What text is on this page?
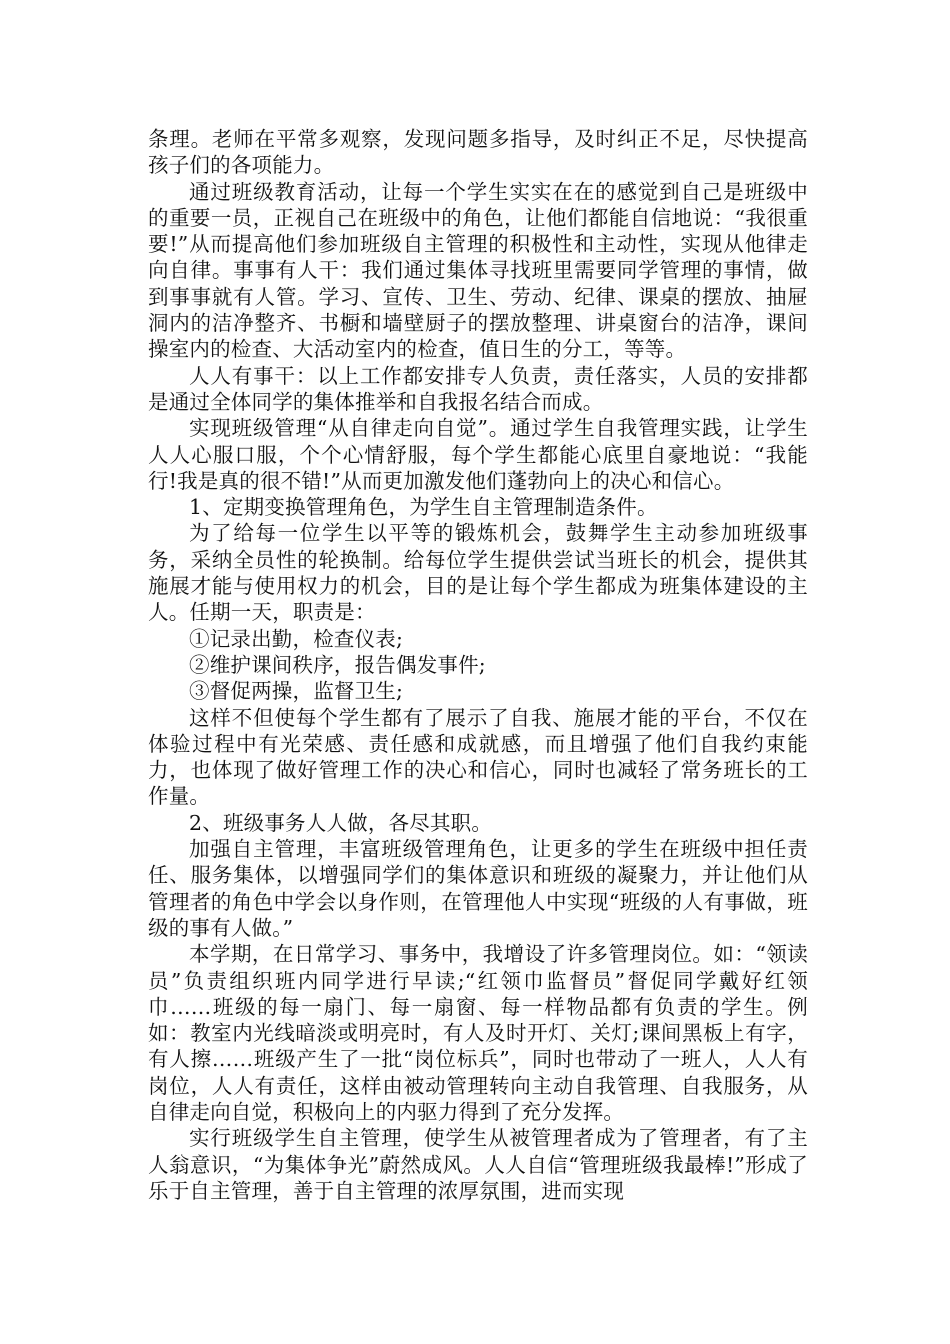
条理。老师在平常多观察，发现问题多指导，及时纠正不足，尽快提高孩子们的各项能力。

通过班级教育活动，让每一个学生实实在在的感觉到自己是班级中的重要一员，正视自己在班级中的角色，让他们都能自信地说：“我很重要!”从而提高他们参加班级自主管理的积极性和主动性，实现从他律走向自律。事事有人干：我们通过集体寻找班里需要同学管理的事情，做到事事就有人管。学习、宣传、卫生、劳动、纪律、课桌的摆放、抽屉洞内的洁净整齐、书橱和墙壁厨子的摆放整理、讲桌窗台的洁净，课间操室内的检查、大活动室内的检查，值日生的分工，等等。

人人有事干：以上工作都安排专人负责，责任落实，人员的安排都是通过全体同学的集体推举和自我报名结合而成。

实现班级管理“从自律走向自觉”。通过学生自我管理实践，让学生人人心服口服，个个心情舒服，每个学生都能心底里自豪地说：“我能行!我是真的很不错!”从而更加激发他们蓬勃向上的决心和信心。

1、定期变换管理角色，为学生自主管理制造条件。

为了给每一位学生以平等的锻炼机会，鼓舞学生主动参加班级事务，采纳全员性的轮换制。给每位学生提供尝试当班长的机会，提供其施展才能与使用权力的机会，目的是让每个学生都成为班集体建设的主人。任期一天，职责是：

①记录出勤，检查仪表;

②维护课间秩序，报告偶发事件;

③督促两操，监督卫生;

这样不但使每个学生都有了展示了自我、施展才能的平台，不仅在体验过程中有光荣感、责任感和成就感，而且增强了他们自我约束能力，也体现了做好管理工作的决心和信心，同时也减轻了常务班长的工作量。

2、班级事务人人做，各尽其职。

加强自主管理，丰富班级管理角色，让更多的学生在班级中担任责任、服务集体，以增强同学们的集体意识和班级的凝聚力，并让他们从管理者的角色中学会以身作则，在管理他人中实现“班级的人有事做，班级的事有人做。”

本学期，在日常学习、事务中，我增设了许多管理岗位。如：“领读员”负责组织班内同学进行早读;“红领巾监督员”督促同学戴好红领巾……班级的每一扇门、每一扇窗、每一样物品都有负责的学生。例如：教室内光线暗淡或明亮时，有人及时开灯、关灯;课间黑板上有字，有人擦……班级产生了一批“岗位标兵”，同时也带动了一班人，人人有岗位，人人有责任，这样由被动管理转向主动自我管理、自我服务，从自律走向自觉，积极向上的内驱力得到了充分发挥。

实行班级学生自主管理，使学生从被管理者成为了管理者，有了主人翁意识，“为集体争光”蔚然成风。人人自信“管理班级我最棒!”形成了乐于自主管理，善于自主管理的浓厚氛围，进而实现
